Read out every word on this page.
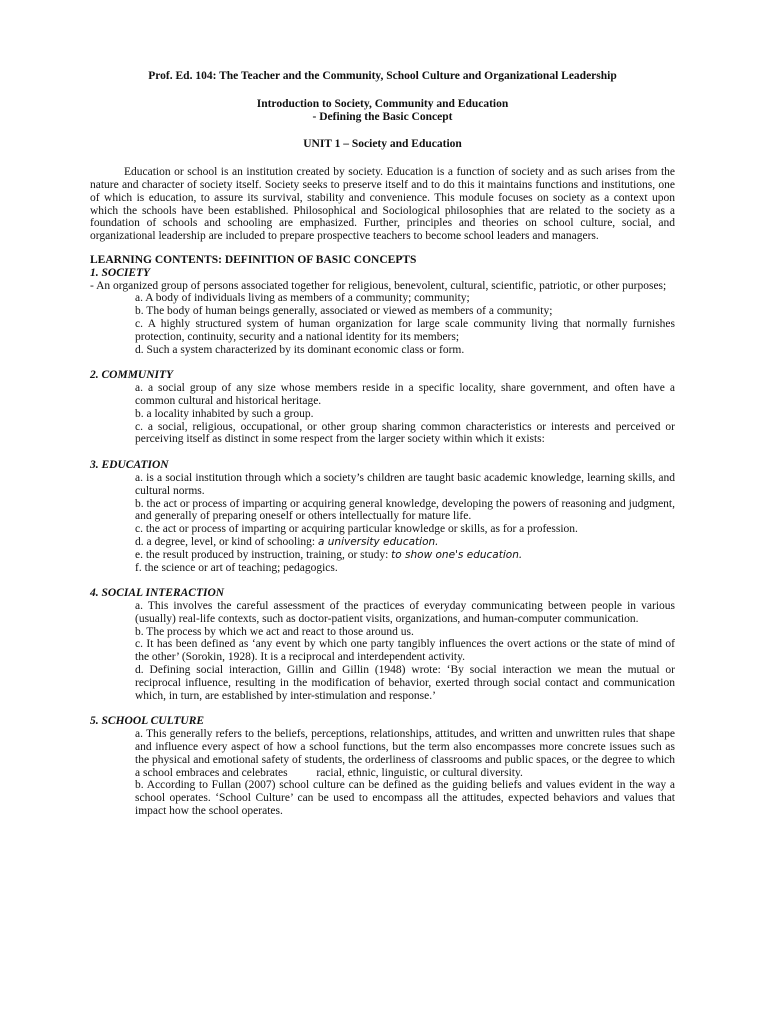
Prof. Ed. 104: The Teacher and the Community, School Culture and Organizational Leadership

Introduction to Society, Community and Education

- Defining the Basic Concept

UNIT 1 – Society and Education

Education or school is an institution created by society. Education is a function of society and as such arises from the nature and character of society itself. Society seeks to preserve itself and to do this it maintains functions and institutions, one of which is education, to assure its survival, stability and convenience. This module focuses on society as a context upon which the schools have been established. Philosophical and Sociological philosophies that are related to the society as a foundation of schools and schooling are emphasized. Further, principles and theories on school culture, social, and organizational leadership are included to prepare prospective teachers to become school leaders and managers.

LEARNING CONTENTS: DEFINITION OF BASIC CONCEPTS

1. SOCIETY

- An organized group of persons associated together for religious, benevolent, cultural, scientific, patriotic, or other purposes;

a. A body of individuals living as members of a community; community;

b. The body of human beings generally, associated or viewed as members of a community;

c. A highly structured system of human organization for large scale community living that normally furnishes protection, continuity, security and a national identity for its members;

d. Such a system characterized by its dominant economic class or form.

2. COMMUNITY

a. a social group of any size whose members reside in a specific locality, share government, and often have a common cultural and historical heritage.

b. a locality inhabited by such a group.

c. a social, religious, occupational, or other group sharing common characteristics or interests and perceived or perceiving itself as distinct in some respect from the larger society within which it exists:

3. EDUCATION

a. is a social institution through which a society’s children are taught basic academic knowledge, learning skills, and cultural norms.

b. the act or process of imparting or acquiring general knowledge, developing the powers of reasoning and judgment, and generally of preparing oneself or others intellectually for mature life.

c. the act or process of imparting or acquiring particular knowledge or skills, as for a profession.

d. a degree, level, or kind of schooling: a university education.

e. the result produced by instruction, training, or study: to show one's education.

f. the science or art of teaching; pedagogics.

4. SOCIAL INTERACTION

a. This involves the careful assessment of the practices of everyday communicating between people in various (usually) real-life contexts, such as doctor-patient visits, organizations, and human-computer communication.

b. The process by which we act and react to those around us.

c. It has been defined as ‘any event by which one party tangibly influences the overt actions or the state of mind of the other’ (Sorokin, 1928). It is a reciprocal and interdependent activity.

d. Defining social interaction, Gillin and Gillin (1948) wrote: ‘By social interaction we mean the mutual or reciprocal influence, resulting in the modification of behavior, exerted through social contact and communication which, in turn, are established by inter-stimulation and response.’

5. SCHOOL CULTURE

a. This generally refers to the beliefs, perceptions, relationships, attitudes, and written and unwritten rules that shape and influence every aspect of how a school functions, but the term also encompasses more concrete issues such as the physical and emotional safety of students, the orderliness of classrooms and public spaces, or the degree to which a school embraces and celebrates          racial, ethnic, linguistic, or cultural diversity.

b. According to Fullan (2007) school culture can be defined as the guiding beliefs and values evident in the way a school operates. ‘School Culture’ can be used to encompass all the attitudes, expected behaviors and values that impact how the school operates.
